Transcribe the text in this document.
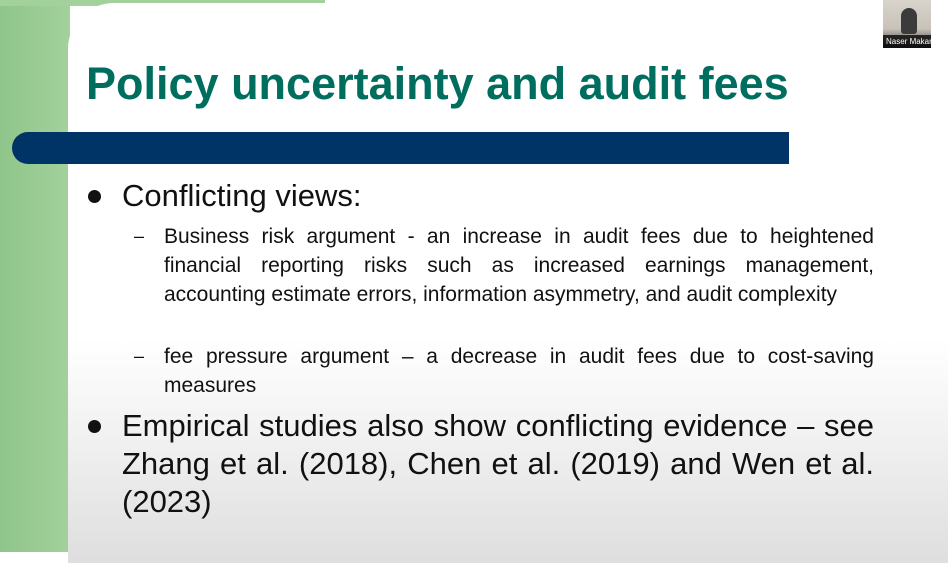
Policy uncertainty and audit fees
Conflicting views:
– Business risk argument - an increase in audit fees due to heightened financial reporting risks such as increased earnings management, accounting estimate errors, information asymmetry, and audit complexity
– fee pressure argument – a decrease in audit fees due to cost-saving measures
Empirical studies also show conflicting evidence – see Zhang et al. (2018), Chen et al. (2019) and Wen et al. (2023)
Naser Makarem
